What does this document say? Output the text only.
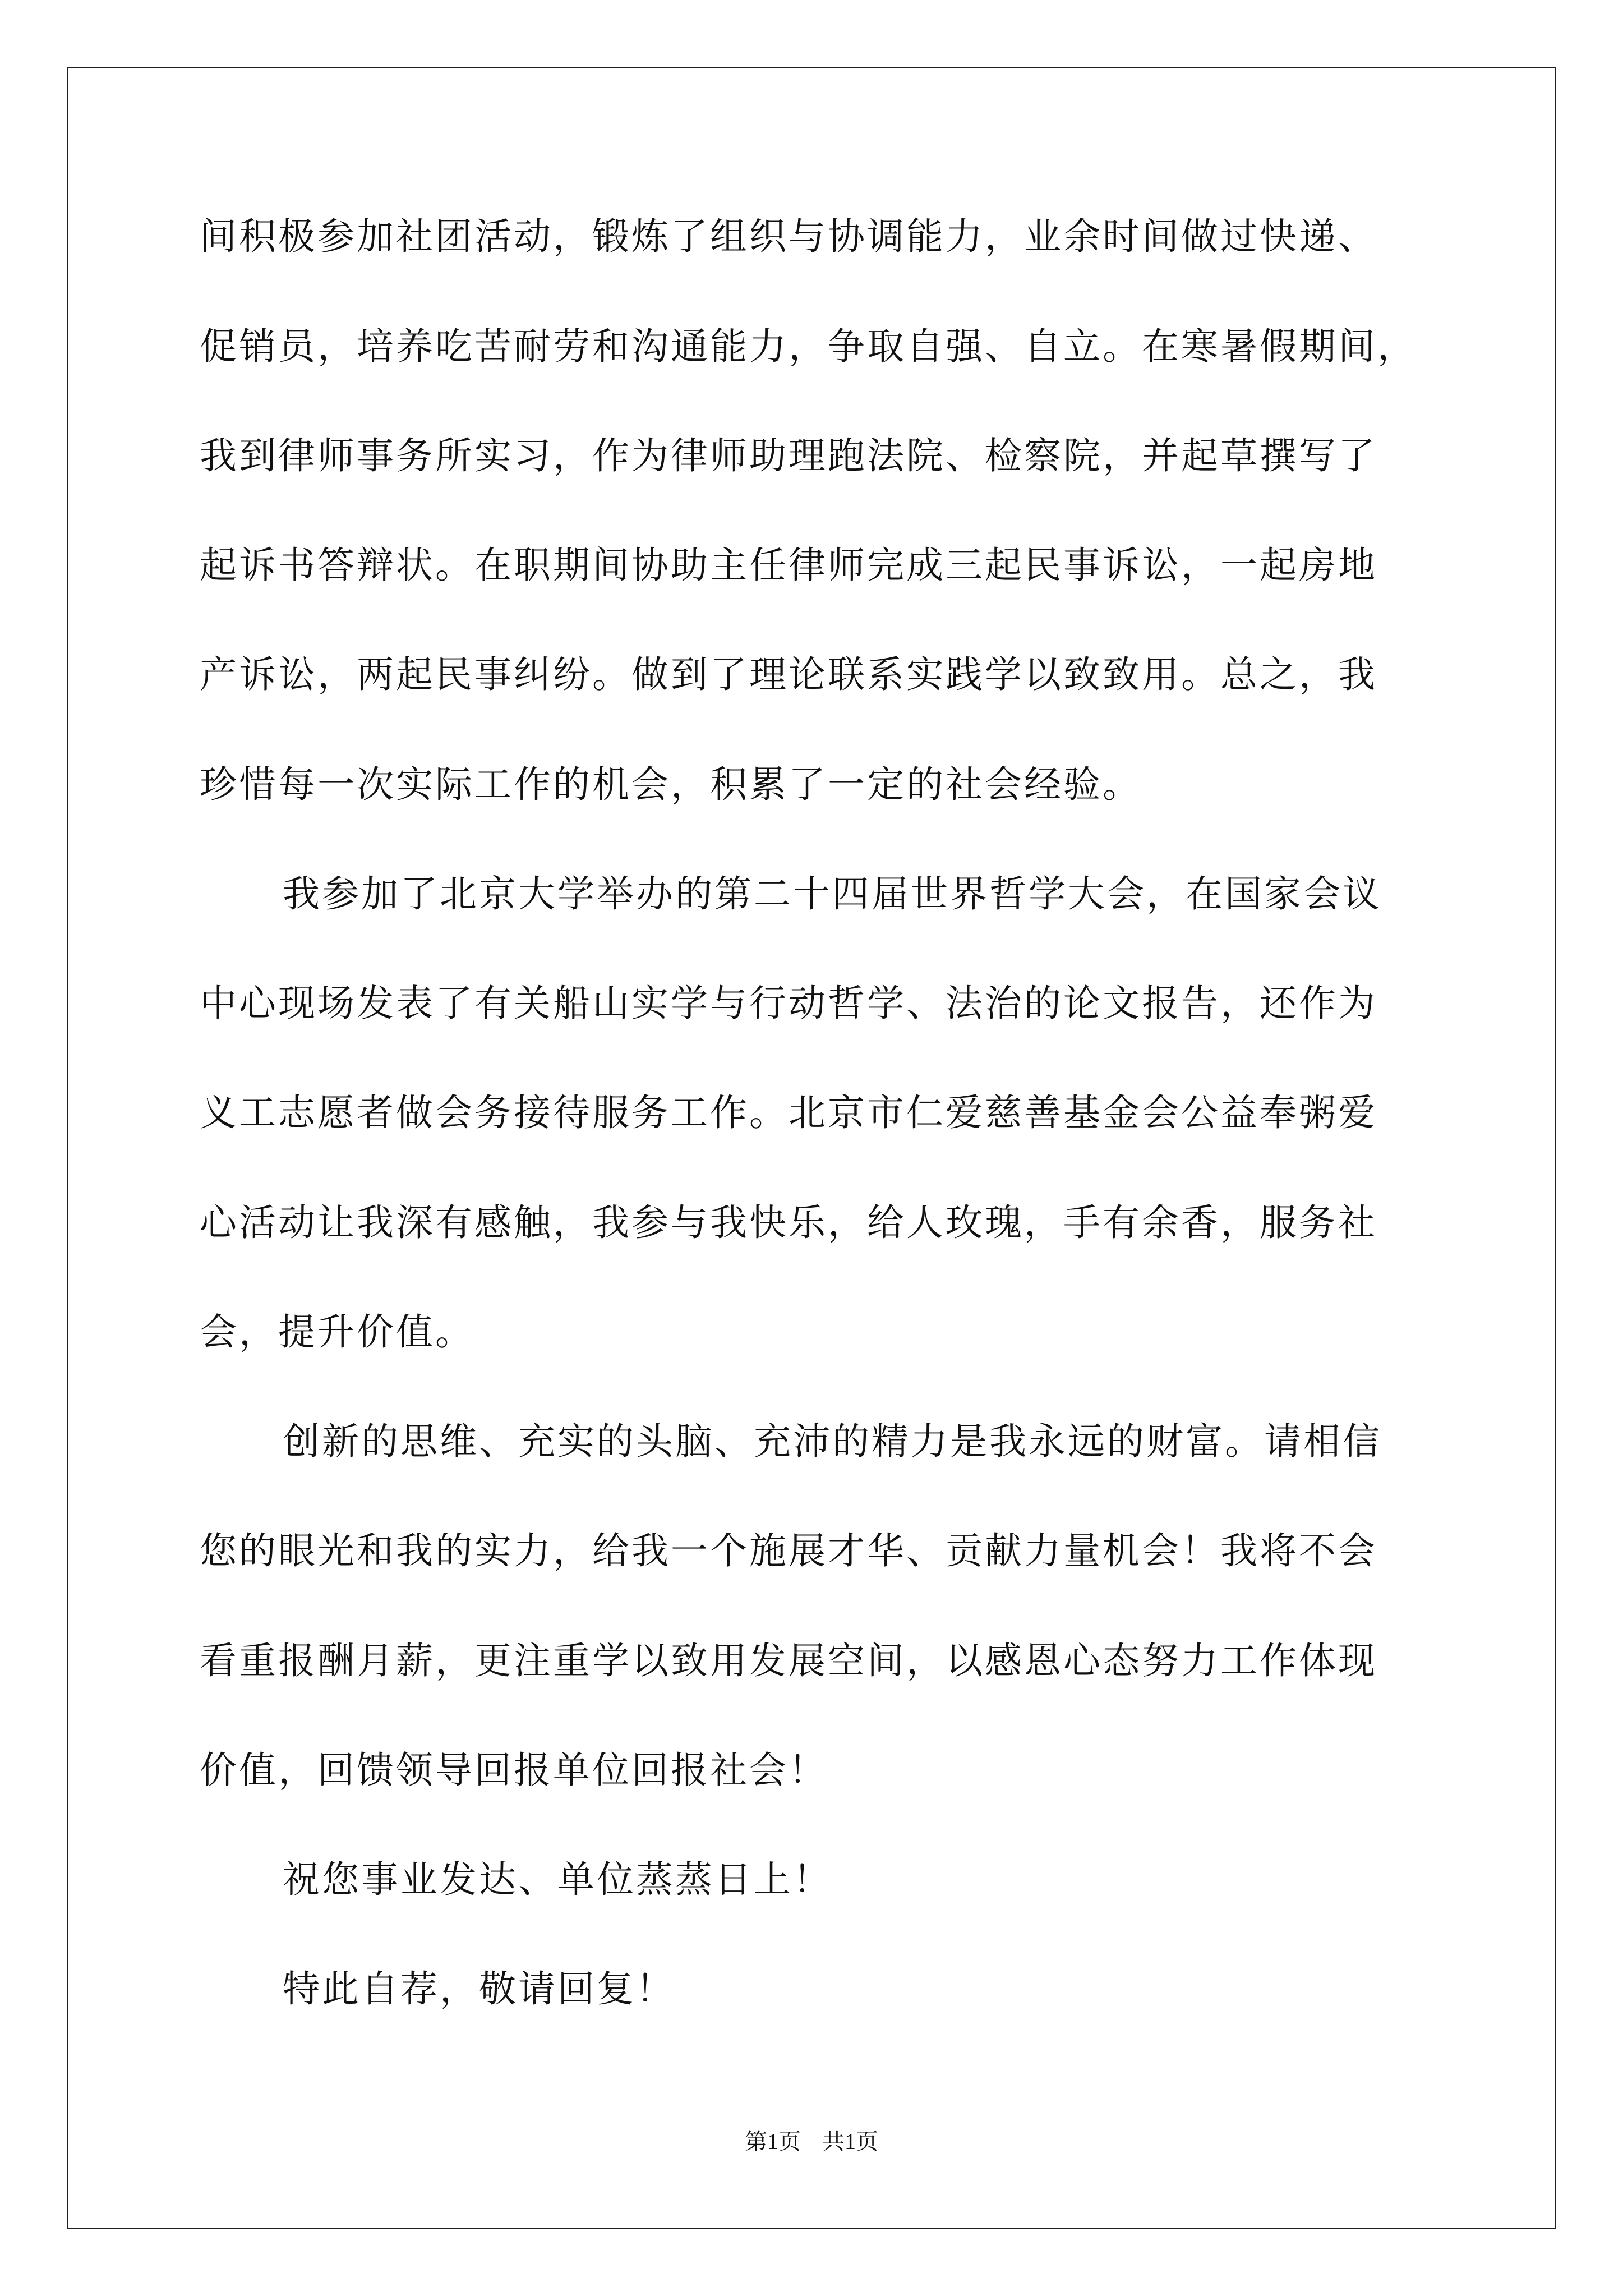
间积极参加社团活动，锻炼了组织与协调能力，业余时间做过快递、
促销员，培养吃苦耐劳和沟通能力，争取自强、自立。在寒暑假期间，
我到律师事务所实习，作为律师助理跑法院、检察院，并起草撰写了
起诉书答辩状。在职期间协助主任律师完成三起民事诉讼，一起房地
产诉讼，两起民事纠纷。做到了理论联系实践学以致致用。总之，我
珍惜每一次实际工作的机会，积累了一定的社会经验。
我参加了北京大学举办的第二十四届世界哲学大会，在国家会议
中心现场发表了有关船山实学与行动哲学、法治的论文报告，还作为
义工志愿者做会务接待服务工作。北京市仁爱慈善基金会公益奉粥爱
心活动让我深有感触，我参与我快乐，给人玫瑰，手有余香，服务社
会，提升价值。
创新的思维、充实的头脑、充沛的精力是我永远的财富。请相信
您的眼光和我的实力，给我一个施展才华、贡献力量机会！我将不会
看重报酬月薪，更注重学以致用发展空间，以感恩心态努力工作体现
价值，回馈领导回报单位回报社会！
祝您事业发达、单位蒸蒸日上！
特此自荐，敬请回复！
第1页 共1页
